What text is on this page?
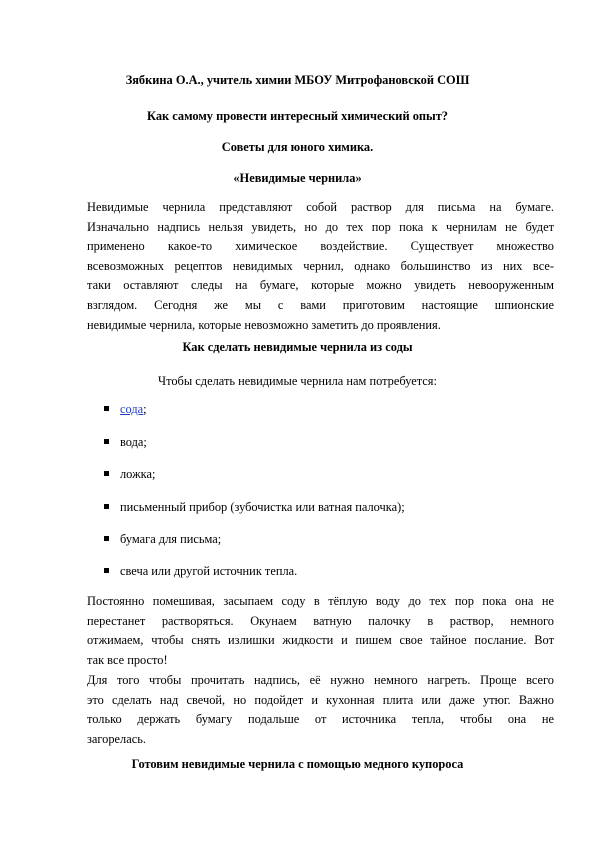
Зябкина О.А., учитель химии МБОУ Митрофановской СОШ

Как самому провести интересный химический опыт?

Советы для юного химика.

«Невидимые чернила»

Невидимые чернила представляют собой раствор для письма на бумаге.
Изначально надпись нельзя увидеть, но до тех пор пока к чернилам не будет
применено какое-то химическое воздействие. Существует множество
всевозможных рецептов невидимых чернил, однако большинство из них все-
таки оставляют следы на бумаге, которые можно увидеть невооруженным
взглядом. Сегодня же мы с вами приготовим настоящие шпионские
невидимые чернила, которые невозможно заметить до проявления.

Как сделать невидимые чернила из соды

Чтобы сделать невидимые чернила нам потребуется:

сода;
вода;
ложка;
письменный прибор (зубочистка или ватная палочка);
бумага для письма;
свеча или другой источник тепла.
Постоянно помешивая, засыпаем соду в тёплую воду до тех пор пока она не
перестанет растворяться. Окунаем ватную палочку в раствор, немного
отжимаем, чтобы снять излишки жидкости и пишем свое тайное послание. Вот
так все просто!
Для того чтобы прочитать надпись, её нужно немного нагреть. Проще всего
это сделать над свечой, но подойдет и кухонная плита или даже утюг. Важно
только держать бумагу подальше от источника тепла, чтобы она не
загорелась.

Готовим невидимые чернила с помощью медного купороса
